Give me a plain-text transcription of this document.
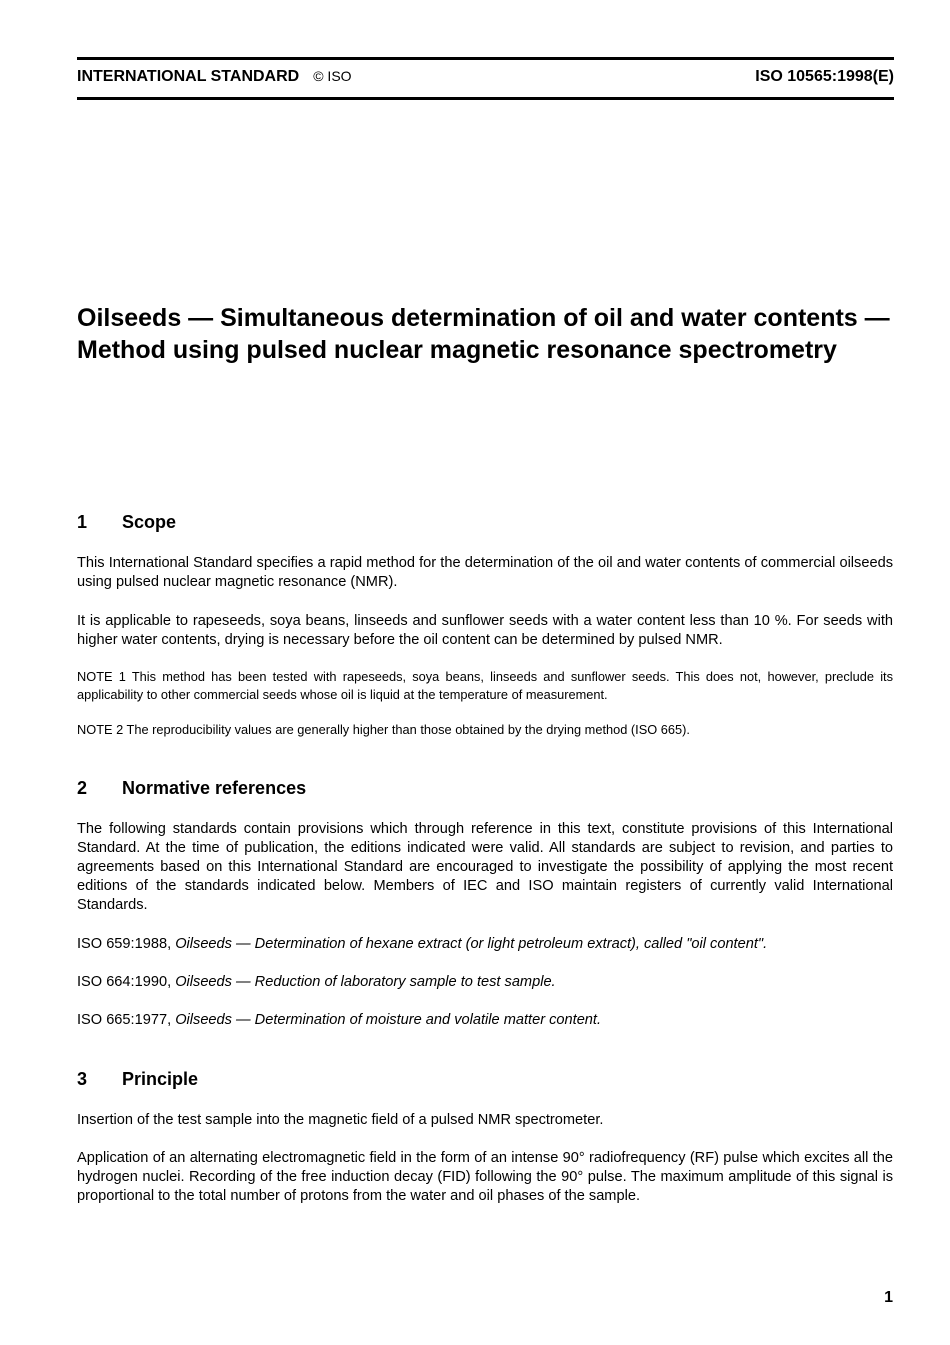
INTERNATIONAL STANDARD © ISO	ISO 10565:1998(E)
Oilseeds — Simultaneous determination of oil and water contents — Method using pulsed nuclear magnetic resonance spectrometry
1 Scope

This International Standard specifies a rapid method for the determination of the oil and water contents of commercial oilseeds using pulsed nuclear magnetic resonance (NMR).

It is applicable to rapeseeds, soya beans, linseeds and sunflower seeds with a water content less than 10 %. For seeds with higher water contents, drying is necessary before the oil content can be determined by pulsed NMR.

NOTE 1 This method has been tested with rapeseeds, soya beans, linseeds and sunflower seeds. This does not, however, preclude its applicability to other commercial seeds whose oil is liquid at the temperature of measurement.

NOTE 2 The reproducibility values are generally higher than those obtained by the drying method (ISO 665).

2 Normative references

The following standards contain provisions which through reference in this text, constitute provisions of this International Standard. At the time of publication, the editions indicated were valid. All standards are subject to revision, and parties to agreements based on this International Standard are encouraged to investigate the possibility of applying the most recent editions of the standards indicated below. Members of IEC and ISO maintain registers of currently valid International Standards.

ISO 659:1988, Oilseeds — Determination of hexane extract (or light petroleum extract), called "oil content".

ISO 664:1990, Oilseeds — Reduction of laboratory sample to test sample.

ISO 665:1977, Oilseeds — Determination of moisture and volatile matter content.

3 Principle

Insertion of the test sample into the magnetic field of a pulsed NMR spectrometer.

Application of an alternating electromagnetic field in the form of an intense 90° radiofrequency (RF) pulse which excites all the hydrogen nuclei. Recording of the free induction decay (FID) following the 90° pulse. The maximum amplitude of this signal is proportional to the total number of protons from the water and oil phases of the sample.

1
